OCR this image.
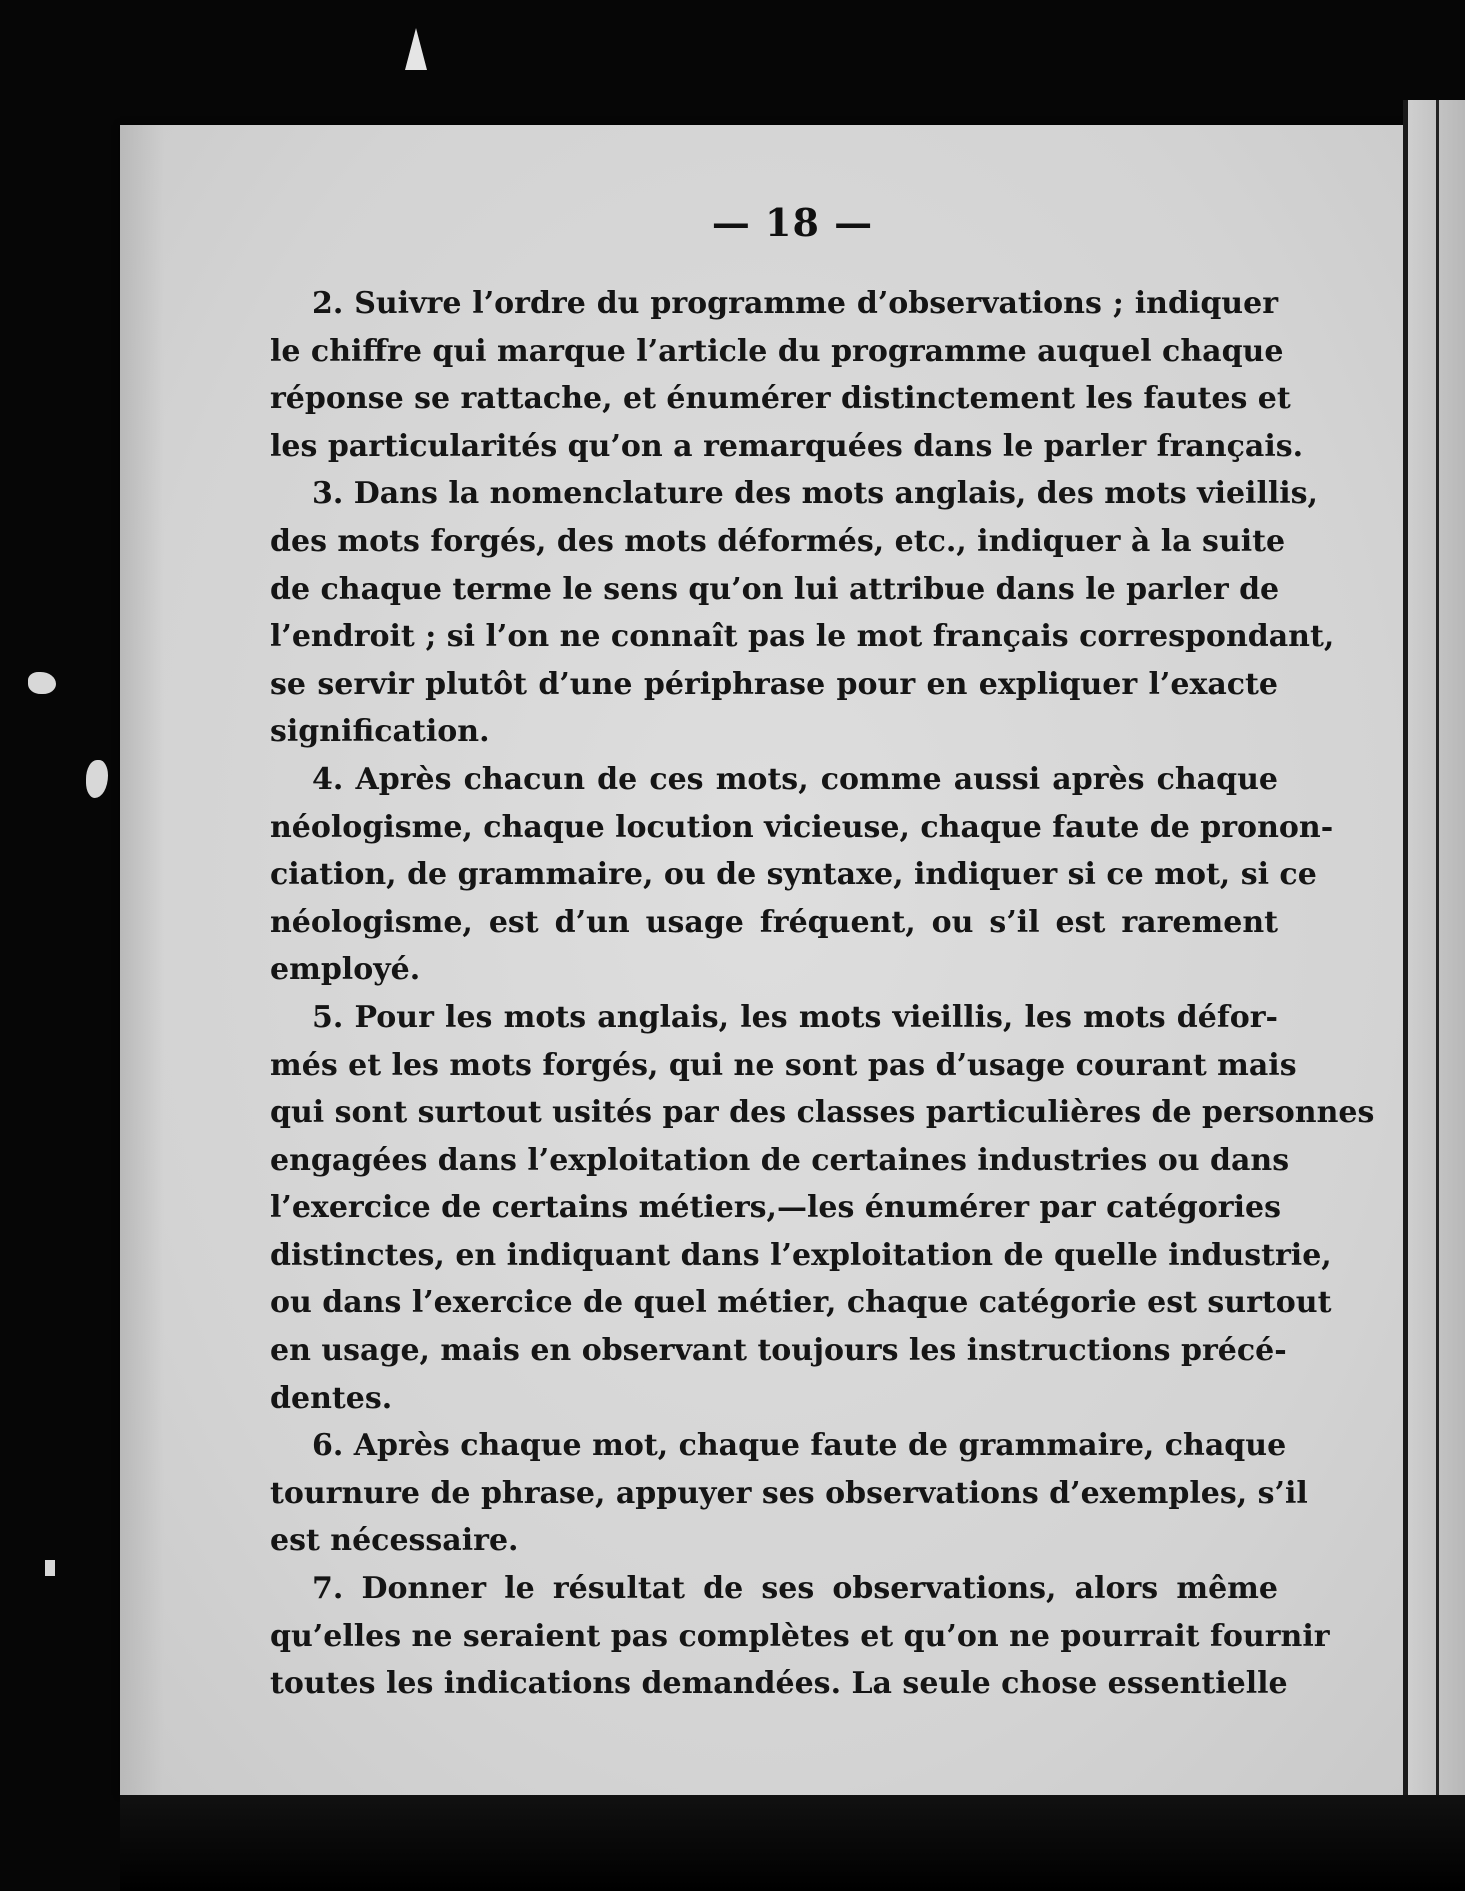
— 18 —
2. Suivre l’ordre du programme d’observations ; indiquer
le chiffre qui marque l’article du programme auquel chaque
réponse se rattache, et énumérer distinctement les fautes et
les particularités qu’on a remarquées dans le parler français.
3. Dans la nomenclature des mots anglais, des mots vieillis,
des mots forgés, des mots déformés, etc., indiquer à la suite
de chaque terme le sens qu’on lui attribue dans le parler de
l’endroit ; si l’on ne connaît pas le mot français correspondant,
se servir plutôt d’une périphrase pour en expliquer l’exacte
signification.
4. Après chacun de ces mots, comme aussi après chaque
néologisme, chaque locution vicieuse, chaque faute de pronon-
ciation, de grammaire, ou de syntaxe, indiquer si ce mot, si ce
néologisme, est d’un usage fréquent, ou s’il est rarement
employé.
5. Pour les mots anglais, les mots vieillis, les mots défor-
més et les mots forgés, qui ne sont pas d’usage courant mais
qui sont surtout usités par des classes particulières de personnes
engagées dans l’exploitation de certaines industries ou dans
l’exercice de certains métiers,—les énumérer par catégories
distinctes, en indiquant dans l’exploitation de quelle industrie,
ou dans l’exercice de quel métier, chaque catégorie est surtout
en usage, mais en observant toujours les instructions précé-
dentes.
6. Après chaque mot, chaque faute de grammaire, chaque
tournure de phrase, appuyer ses observations d’exemples, s’il
est nécessaire.
7. Donner le résultat de ses observations, alors même
qu’elles ne seraient pas complètes et qu’on ne pourrait fournir
toutes les indications demandées. La seule chose essentielle
